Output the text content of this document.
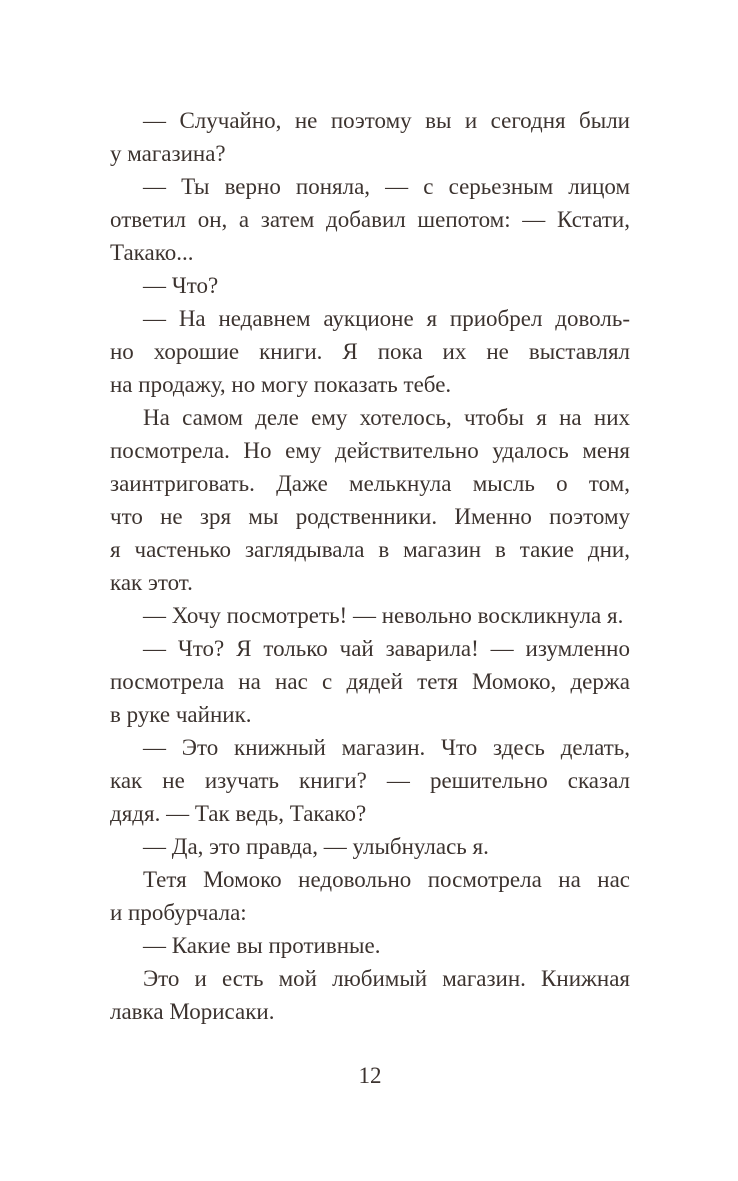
— Случайно, не поэтому вы и сегодня были
у магазина?

— Ты верно поняла, — с серьезным лицом
ответил он, а затем добавил шепотом: — Кстати,
Такако...

— Что?

— На недавнем аукционе я приобрел доволь-
но хорошие книги. Я пока их не выставлял
на продажу, но могу показать тебе.

На самом деле ему хотелось, чтобы я на них
посмотрела. Но ему действительно удалось меня
заинтриговать. Даже мелькнула мысль о том,
что не зря мы родственники. Именно поэтому
я частенько заглядывала в магазин в такие дни,
как этот.

— Хочу посмотреть! — невольно воскликнула я.

— Что? Я только чай заварила! — изумленно
посмотрела на нас с дядей тетя Момоко, держа
в руке чайник.

— Это книжный магазин. Что здесь делать,
как не изучать книги? — решительно сказал
дядя. — Так ведь, Такако?

— Да, это правда, — улыбнулась я.

Тетя Момоко недовольно посмотрела на нас
и пробурчала:

— Какие вы противные.

Это и есть мой любимый магазин. Книжная
лавка Морисаки.

12
